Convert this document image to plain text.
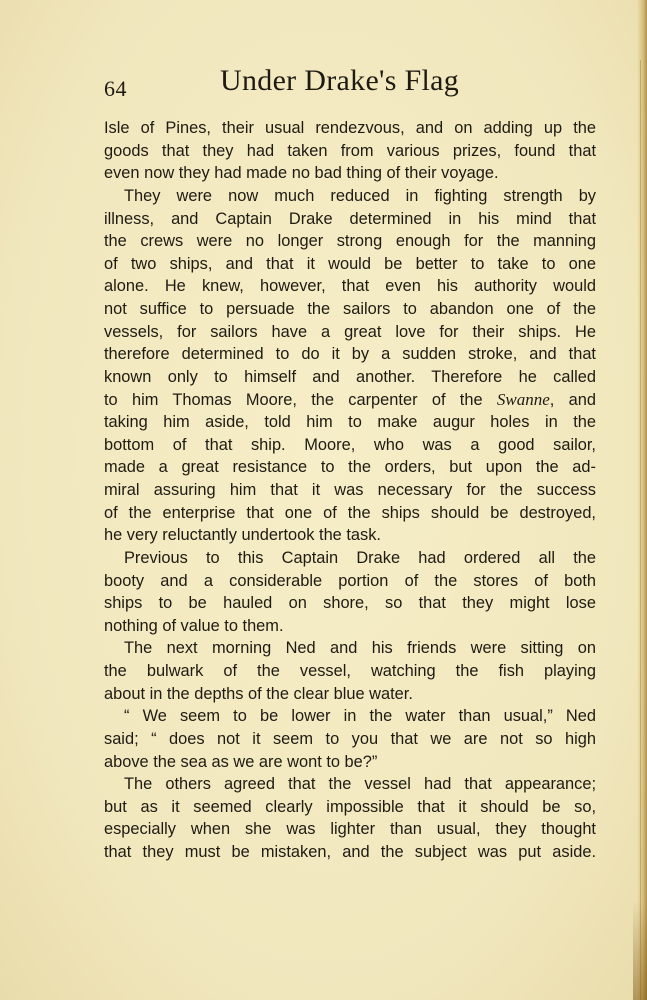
64	Under Drake's Flag
Isle of Pines, their usual rendezvous, and on adding up the
goods that they had taken from various prizes, found that
even now they had made no bad thing of their voyage.
They were now much reduced in fighting strength by
illness, and Captain Drake determined in his mind that
the crews were no longer strong enough for the manning
of two ships, and that it would be better to take to one
alone. He knew, however, that even his authority would
not suffice to persuade the sailors to abandon one of the
vessels, for sailors have a great love for their ships. He
therefore determined to do it by a sudden stroke, and that
known only to himself and another. Therefore he called
to him Thomas Moore, the carpenter of the Swanne, and
taking him aside, told him to make augur holes in the
bottom of that ship. Moore, who was a good sailor,
made a great resistance to the orders, but upon the ad-
miral assuring him that it was necessary for the success
of the enterprise that one of the ships should be destroyed,
he very reluctantly undertook the task.
Previous to this Captain Drake had ordered all the
booty and a considerable portion of the stores of both
ships to be hauled on shore, so that they might lose
nothing of value to them.
The next morning Ned and his friends were sitting on
the bulwark of the vessel, watching the fish playing
about in the depths of the clear blue water.
“ We seem to be lower in the water than usual,” Ned
said; “ does not it seem to you that we are not so high
above the sea as we are wont to be?”
The others agreed that the vessel had that appearance;
but as it seemed clearly impossible that it should be so,
especially when she was lighter than usual, they thought
that they must be mistaken, and the subject was put aside.
